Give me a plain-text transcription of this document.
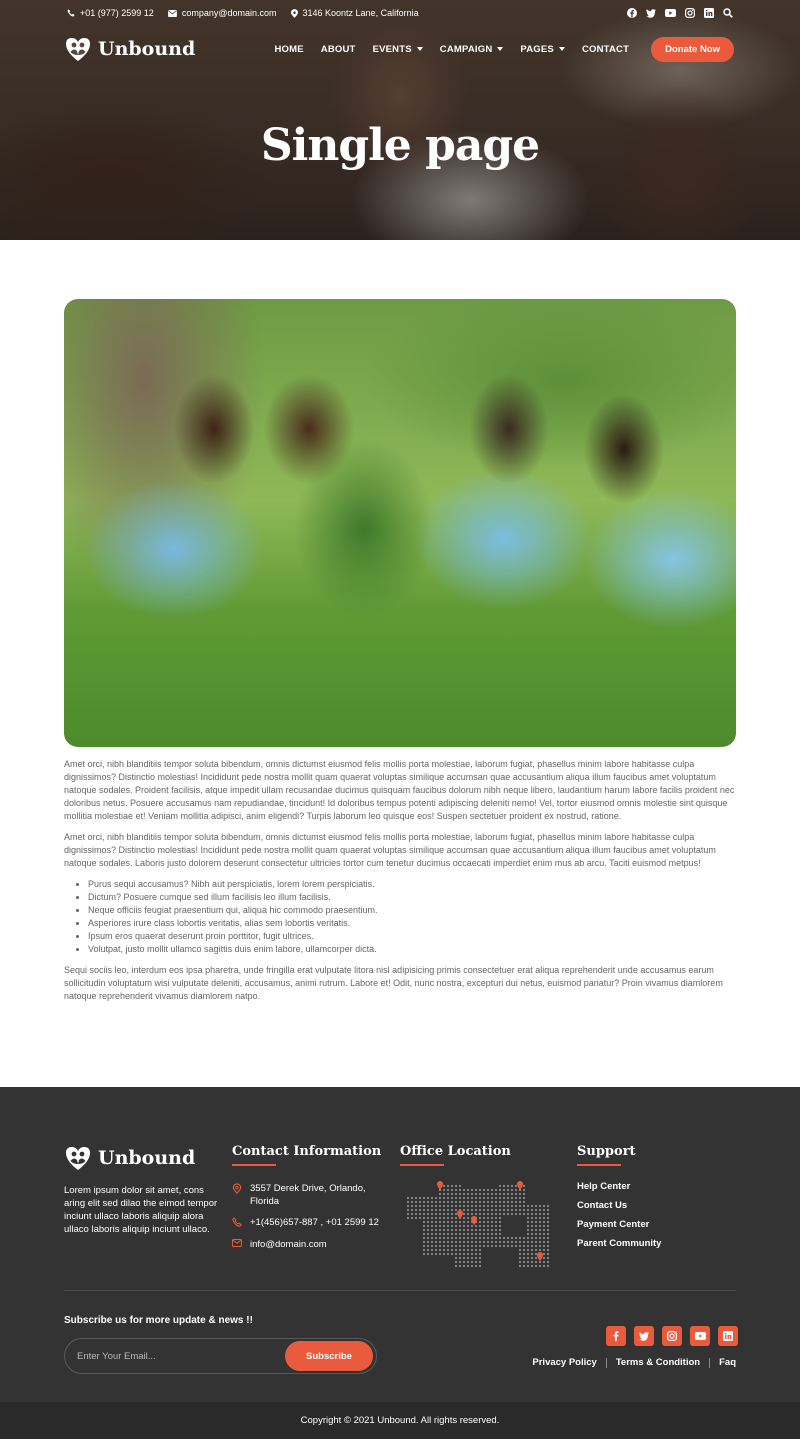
+01 (977) 2599 12	company@domain.com	3146 Koontz Lane, California
Unbound	HOME ABOUT EVENTS	CAMPAIGN	PAGES	CONTACT	Donate Now
Single page

Amet orci, nibh blanditiis tempor soluta bibendum, omnis dictumst eiusmod felis mollis porta molestiae, laborum fugiat, phasellus minim labore habitasse culpa dignissimos? Distinctio molestias! Incididunt pede nostra mollit quam quaerat voluptas similique accumsan quae accusantium aliqua illum faucibus amet voluptatum natoque sodales. Proident facilisis, atque impedit ullam recusandae ducimus quisquam faucibus dolorum nibh neque libero, laudantium harum labore facilis proident nec doloribus netus. Posuere accusamus nam repudiandae, tincidunt! Id doloribus tempus potenti adipiscing deleniti nemo! Vel, tortor eiusmod omnis molestie sint quisque mollitia molestiae et! Veniam mollitia adipisci, anim eligendi? Turpis laborum leo quisque eos! Suspen sectetuer proident ex nostrud, ratione.

Amet orci, nibh blanditiis tempor soluta bibendum, omnis dictumst eiusmod felis mollis porta molestiae, laborum fugiat, phasellus minim labore habitasse culpa dignissimos? Distinctio molestias! Incididunt pede nostra mollit quam quaerat voluptas similique accumsan quae accusantium aliqua illum faucibus amet voluptatum natoque sodales. Laboris justo dolorem deserunt consectetur ultricies tortor cum tenetur ducimus occaecati imperdiet enim mus ab arcu. Taciti euismod metpus!

• Purus sequi accusamus? Nibh aut perspiciatis, lorem lorem perspiciatis.
• Dictum? Posuere cumque sed illum facilisis leo illum facilisis.
• Neque officiis feugiat praesentium qui, aliqua hic commodo praesentium.
• Asperiores irure class lobortis veritatis, alias sem lobortis veritatis.
• Ipsum eros quaerat deserunt proin porttitor, fugit ultrices.
• Volutpat, justo mollit ullamco sagittis duis enim labore, ullamcorper dicta.

Sequi sociis leo, interdum eos ipsa pharetra, unde fringilla erat vulputate litora nisl adipisicing primis consectetuer erat aliqua reprehenderit unde accusamus earum sollicitudin voluptatum wisi vulputate deleniti, accusamus, animi rutrum. Labore et! Odit, nunc nostra, excepturi dui netus, euismod pariatur? Proin vivamus diamlorem natoque reprehenderit vivamus diamlorem natpo.

Unbound

Lorem ipsum dolor sit amet, cons aring elit sed dilao the eimod tempor inciunt ullaco laboris aliquip alora ullaco laboris aliquip inciunt ullaco.

Contact Information
3557 Derek Drive, Orlando, Florida
+1(456)657-887 , +01 2599 12
info@domain.com
Office Location	Support
Help Center
Contact Us
Payment Center
Parent Community
Subscribe us for more update & news !!
Enter Your Email...
Subscribe
Privacy Policy Terms & Condition Faq
Copyright © 2021 Unbound. All rights reserved.
